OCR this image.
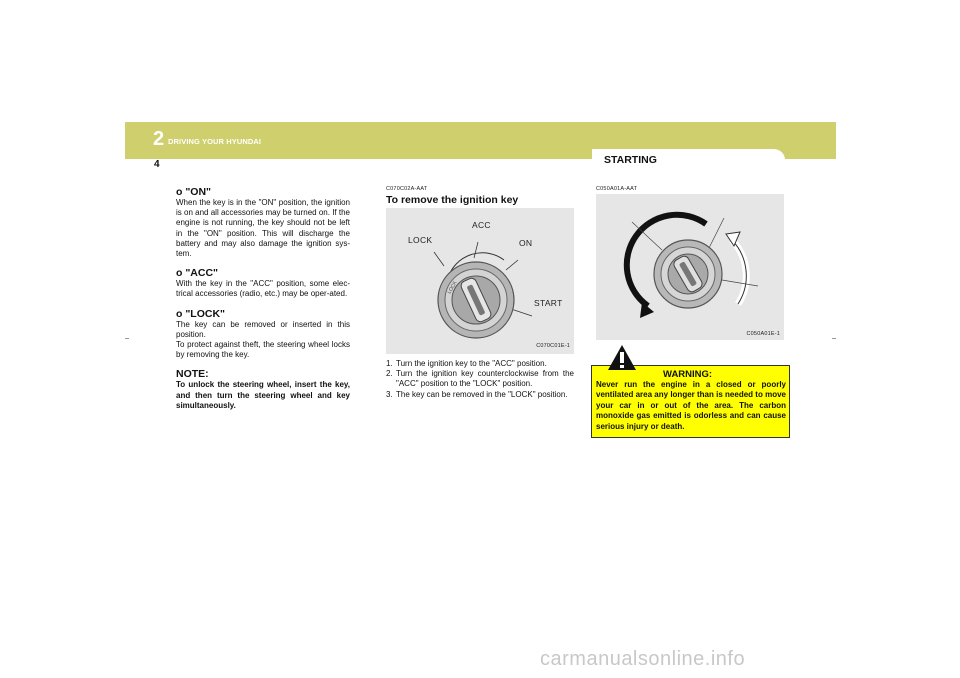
2 DRIVING YOUR HYUNDAI
4	STARTING
o "ON"
When the key is in the "ON" position, the ignition is on and all accessories may be turned on. If the engine is not running, the key should not be left in the "ON" position. This will discharge the battery and may also damage the ignition sys-tem.
o "ACC"
With the key in the "ACC" position, some elec-trical accessories (radio, etc.) may be oper-ated.
o "LOCK"
The key can be removed or inserted in this position.
To protect against theft, the steering wheel locks by removing the key.
NOTE:
To unlock the steering wheel, insert the key, and then turn the steering wheel and key simultaneously.
C070C02A-AAT
To remove the ignition key
LOCK
LOCK
ACC
ON
START
C070C01E-1
1. Turn the ignition key to the "ACC" position.
2. Turn the ignition key counterclockwise from the "ACC" position to the "LOCK" position.
3. The key can be removed in the "LOCK" position.
C050A01A-AAT
C050A01E-1
WARNING:
Never run the engine in a closed or poorly ventilated area any longer than is needed to move your car in or out of the area. The carbon monoxide gas emitted is odorless and can cause serious injury or death.
carmanualsonline.info
